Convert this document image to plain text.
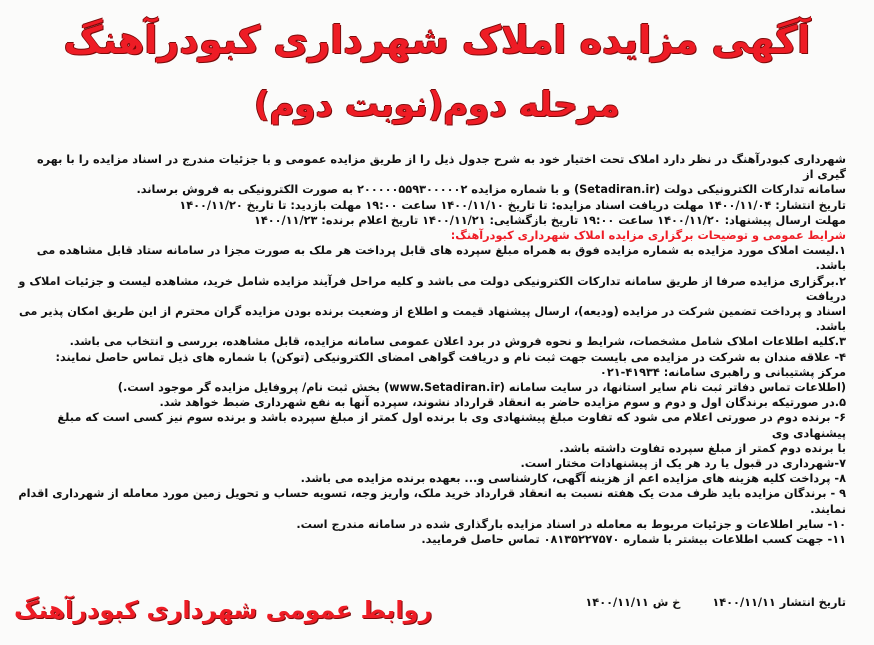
آگهی مزایده املاک شهرداری کبودرآهنگ
مرحله دوم(نوبت دوم)

شهرداری کبودرآهنگ در نظر دارد املاک تحت اختیار خود به شرح جدول ذیل را از طریق مزایده عمومی و با جزئیات مندرج در اسناد مزایده را با بهره گیری از

سامانه تدارکات الکترونیکی دولت (Setadiran.ir) و با شماره مزایده ۲۰۰۰۰۰۵۵۹۳۰۰۰۰۰۲ به صورت الکترونیکی به فروش برساند.

تاریخ انتشار: ۱۴۰۰/۱۱/۰۴ مهلت دریافت اسناد مزایده: تا تاریخ ۱۴۰۰/۱۱/۱۰ ساعت ۱۹:۰۰ مهلت بازدید: تا تاریخ ۱۴۰۰/۱۱/۲۰

مهلت ارسال پیشنهاد: ۱۴۰۰/۱۱/۲۰ ساعت ۱۹:۰۰ تاریخ بازگشایی: ۱۴۰۰/۱۱/۲۱ تاریخ اعلام برنده: ۱۴۰۰/۱۱/۲۳

شرایط عمومی و توضیحات برگزاری مزایده املاک شهرداری کبودرآهنگ:

۱.لیست املاک مورد مزایده به شماره مزایده فوق به همراه مبلغ سپرده های قابل پرداخت هر ملک به صورت مجزا در سامانه ستاد قابل مشاهده می باشد.

۲.برگزاری مزایده صرفا از طریق سامانه تدارکات الکترونیکی دولت می باشد و کلیه مراحل فرآیند مزایده شامل خرید، مشاهده لیست و جزئیات املاک و دریافت

اسناد و پرداخت تضمین شرکت در مزایده (ودیعه)، ارسال پیشنهاد قیمت و اطلاع از وضعیت برنده بودن مزایده گران محترم از این طریق امکان پذیر می باشد.

۳.کلیه اطلاعات املاک شامل مشخصات، شرایط و نحوه فروش در برد اعلان عمومی سامانه مزایده، قابل مشاهده، بررسی و انتخاب می باشد.

۴- علاقه مندان به شرکت در مزایده می بایست جهت ثبت نام و دریافت گواهی امضای الکترونیکی (توکن) با شماره های ذیل تماس حاصل نمایند:

مرکز پشتیبانی و راهبری سامانه: ۴۱۹۳۴-۰۲۱

(اطلاعات تماس دفاتر ثبت نام سایر استانها، در سایت سامانه (www.Setadiran.ir) بخش ثبت نام/ پروفایل مزایده گر موجود است.)

۵.در صورتیکه برندگان اول و دوم و سوم مزایده حاضر به انعقاد قرارداد نشوند، سپرده آنها به نفع شهرداری ضبط خواهد شد.

۶- برنده دوم در صورتی اعلام می شود که تفاوت مبلغ پیشنهادی وی با برنده اول کمتر از مبلغ سپرده باشد و برنده سوم نیز کسی است که مبلغ پیشنهادی وی

با برنده دوم کمتر از مبلغ سپرده تفاوت داشته باشد.

۷-شهرداری در قبول یا رد هر یک از پیشنهادات مختار است.

۸- پرداخت کلیه هزینه های مزایده اعم از هزینه آگهی، کارشناسی و... بعهده برنده مزایده می باشد.

۹ - برندگان مزایده باید ظرف مدت یک هفته نسبت به انعقاد قرارداد خرید ملک، واریز وجه، تسویه حساب و تحویل زمین مورد معامله از شهرداری اقدام

نمایند.

۱۰- سایر اطلاعات و جزئیات مربوط به معامله در اسناد مزایده بارگذاری شده در سامانه مندرج است.

۱۱- جهت کسب اطلاعات بیشتر با شماره ۰۸۱۳۵۲۲۷۵۷۰ تماس حاصل فرمایید.

تاریخ انتشار ۱۴۰۰/۱۱/۱۱ خ ش ۱۴۰۰/۱۱/۱۱
روابط عمومی شهرداری کبودرآهنگ
